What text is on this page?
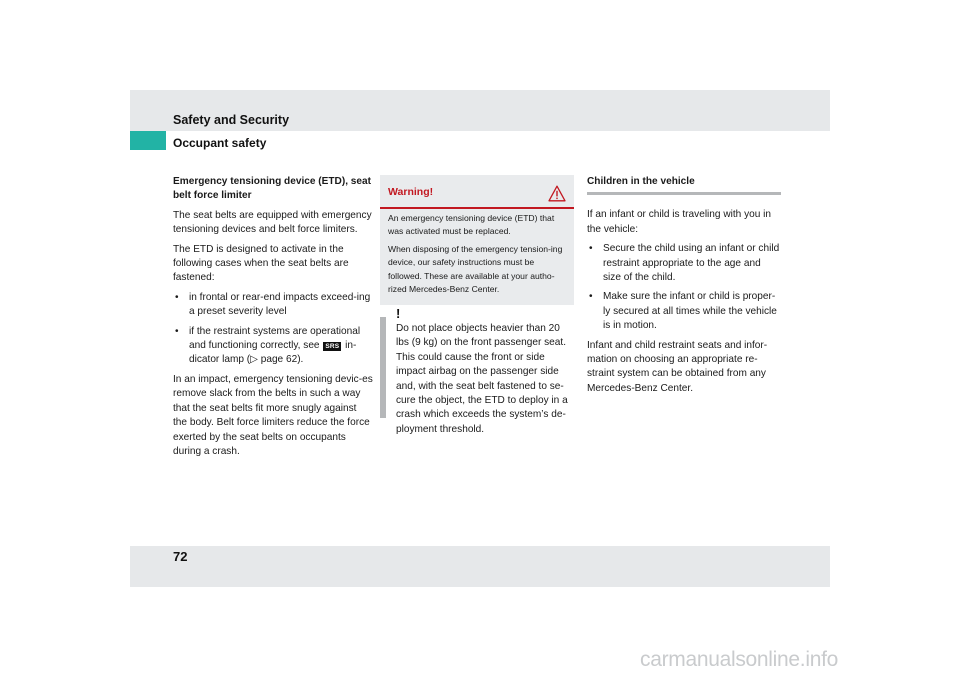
Safety and Security
Occupant safety

Emergency tensioning device (ETD), seat belt force limiter

The seat belts are equipped with emergency tensioning devices and belt force limiters.

The ETD is designed to activate in the following cases when the seat belts are fastened:

• in frontal or rear-end impacts exceed-ing a preset severity level
• if the restraint systems are operational and functioning correctly, see SRS in-dicator lamp (▷ page 62).

In an impact, emergency tensioning devic-es remove slack from the belts in such a way that the seat belts fit more snugly against the body. Belt force limiters reduce the force exerted by the seat belts on occupants during a crash.

Warning!

An emergency tensioning device (ETD) that was activated must be replaced.

When disposing of the emergency tension-ing device, our safety instructions must be followed. These are available at your autho-rized Mercedes-Benz Center.

!

Do not place objects heavier than 20 lbs (9 kg) on the front passenger seat. This could cause the front or side impact airbag on the passenger side and, with the seat belt fastened to se-cure the object, the ETD to deploy in a crash which exceeds the system’s de-ployment threshold.

Children in the vehicle

If an infant or child is traveling with you in the vehicle:

• Secure the child using an infant or child restraint appropriate to the age and size of the child.
• Make sure the infant or child is proper-ly secured at all times while the vehicle is in motion.

Infant and child restraint seats and infor-mation on choosing an appropriate re-straint system can be obtained from any Mercedes-Benz Center.

72
carmanualsonline.info
